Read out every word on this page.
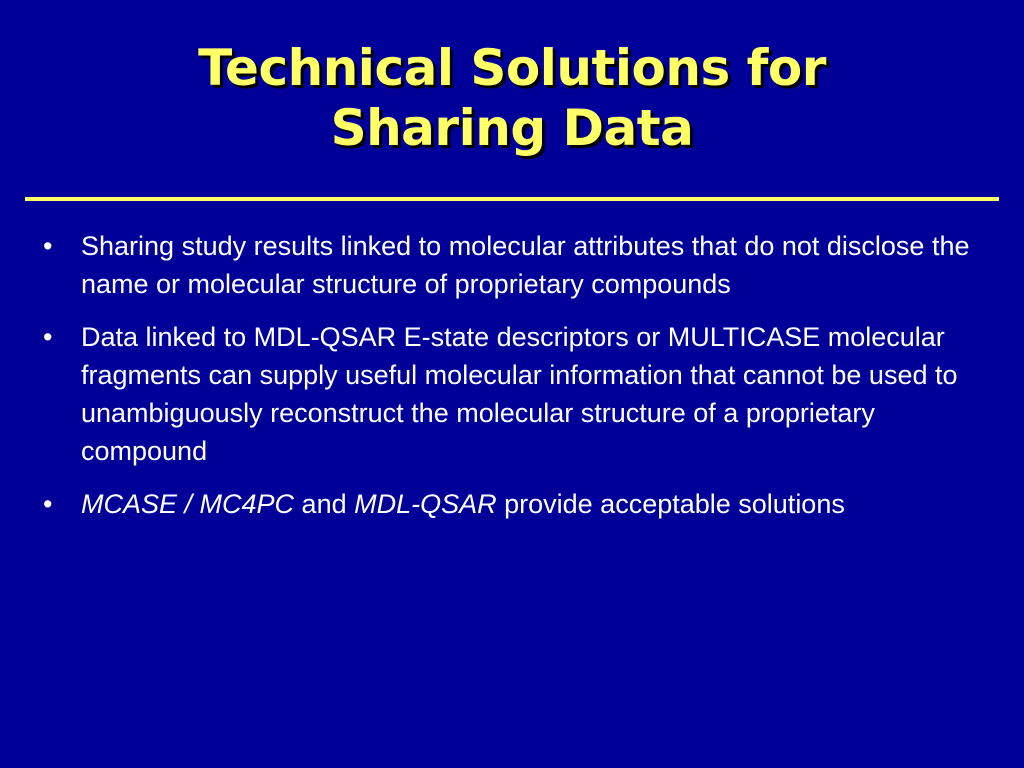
Technical Solutions for
Sharing Data
•	Sharing study results linked to molecular attributes that do not disclose the name or molecular structure of proprietary compounds
•	Data linked to MDL-QSAR E-state descriptors or MULTICASE molecular fragments can supply useful molecular information that cannot be used to unambiguously reconstruct the molecular structure of a proprietary compound
•	MCASE / MC4PC and MDL-QSAR provide acceptable solutions
